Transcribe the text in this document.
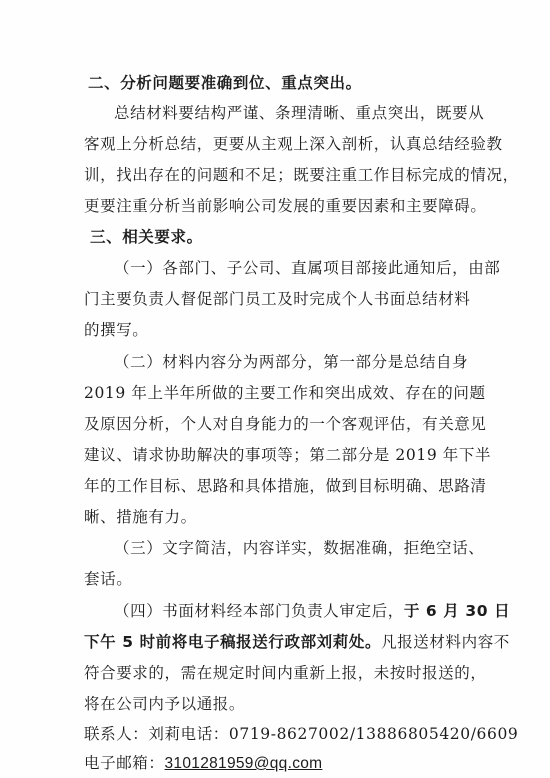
二、分析问题要准确到位、重点突出。
总结材料要结构严谨、条理清晰、重点突出，既要从
客观上分析总结，更要从主观上深入剖析，认真总结经验教
训，找出存在的问题和不足；既要注重工作目标完成的情况，
更要注重分析当前影响公司发展的重要因素和主要障碍。
三、相关要求。
（一）各部门、子公司、直属项目部接此通知后，由部
门主要负责人督促部门员工及时完成个人书面总结材料
的撰写。
（二）材料内容分为两部分，第一部分是总结自身
2019 年上半年所做的主要工作和突出成效、存在的问题
及原因分析，个人对自身能力的一个客观评估，有关意见
建议、请求协助解决的事项等；第二部分是 2019 年下半
年的工作目标、思路和具体措施，做到目标明确、思路清
晰、措施有力。
（三）文字简洁，内容详实，数据准确，拒绝空话、
套话。
（四）书面材料经本部门负责人审定后，于 6 月 30 日
下午 5 时前将电子稿报送行政部刘莉处。凡报送材料内容不
符合要求的，需在规定时间内重新上报，未按时报送的，
将在公司内予以通报。
联系人：刘莉电话：0719-8627002/13886805420/6609
电子邮箱：3101281959@qq.com
